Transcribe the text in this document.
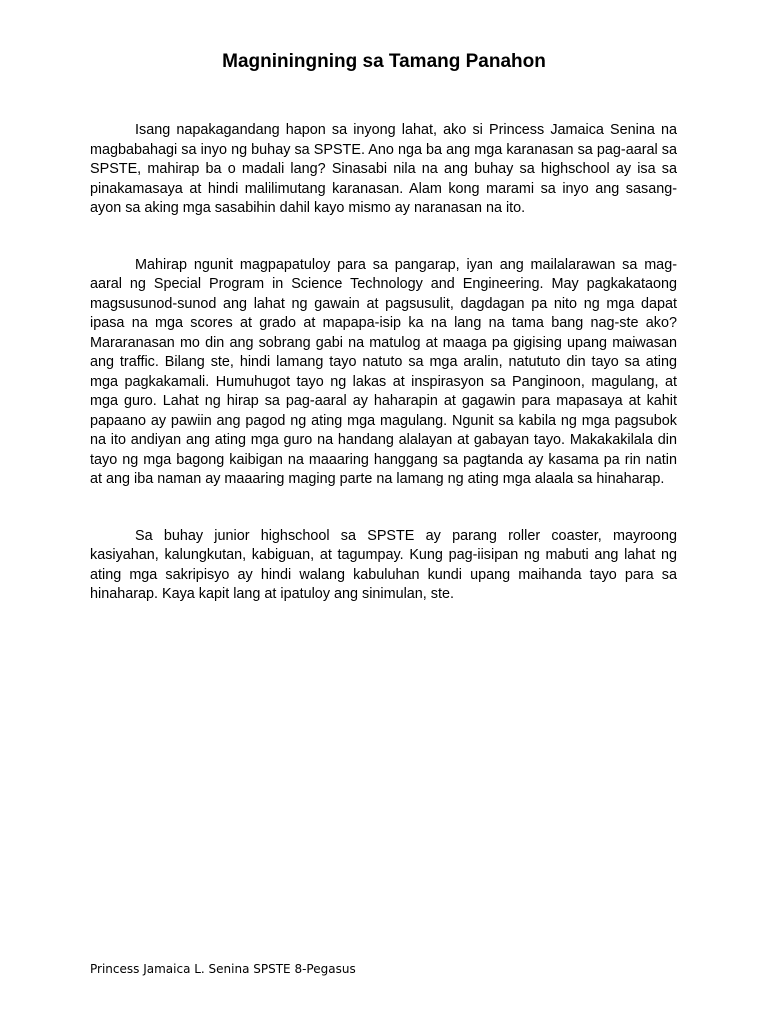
Magniningning sa Tamang Panahon

Isang napakagandang hapon sa inyong lahat, ako si Princess Jamaica Senina na magbabahagi sa inyo ng buhay sa SPSTE. Ano nga ba ang mga karanasan sa pag-aaral sa SPSTE, mahirap ba o madali lang? Sinasabi nila na ang buhay sa highschool ay isa sa pinakamasaya at hindi malilimutang karanasan. Alam kong marami sa inyo ang sasang-ayon sa aking mga sasabihin dahil kayo mismo ay naranasan na ito.

Mahirap ngunit magpapatuloy para sa pangarap, iyan ang mailalarawan sa mag-aaral ng Special Program in Science Technology and Engineering. May pagkakataong magsusunod-sunod ang lahat ng gawain at pagsusulit, dagdagan pa nito ng mga dapat ipasa na mga scores at grado at mapapa-isip ka na lang na tama bang nag-ste ako? Mararanasan mo din ang sobrang gabi na matulog at maaga pa gigising upang maiwasan ang traffic. Bilang ste, hindi lamang tayo natuto sa mga aralin, natututo din tayo sa ating mga pagkakamali. Humuhugot tayo ng lakas at inspirasyon sa Panginoon, magulang, at mga guro. Lahat ng hirap sa pag-aaral ay haharapin at gagawin para mapasaya at kahit papaano ay pawiin ang pagod ng ating mga magulang. Ngunit sa kabila ng mga pagsubok na ito andiyan ang ating mga guro na handang alalayan at gabayan tayo. Makakakilala din tayo ng mga bagong kaibigan na maaaring hanggang sa pagtanda ay kasama pa rin natin at ang iba naman ay maaaring maging parte na lamang ng ating mga alaala sa hinaharap.

Sa buhay junior highschool sa SPSTE ay parang roller coaster, mayroong kasiyahan, kalungkutan, kabiguan, at tagumpay. Kung pag-iisipan ng mabuti ang lahat ng ating mga sakripisyo ay hindi walang kabuluhan kundi upang maihanda tayo para sa hinaharap. Kaya kapit lang at ipatuloy ang sinimulan, ste.

Princess Jamaica L. Senina SPSTE 8-Pegasus
